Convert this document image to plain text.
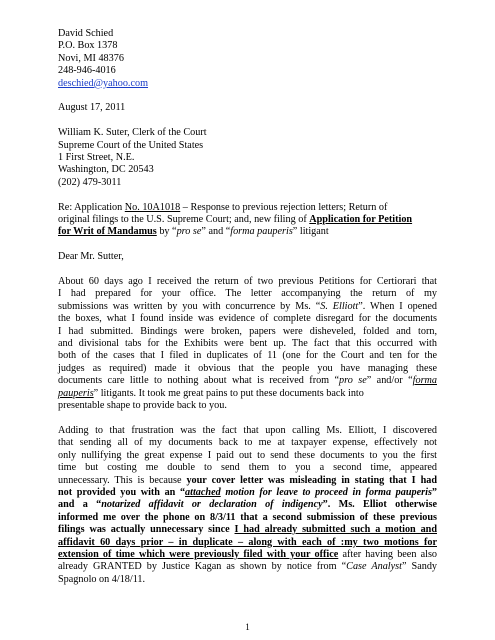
David Schied
P.O. Box 1378
Novi, MI 48376
248-946-4016
deschied@yahoo.com
August 17, 2011
William K. Suter, Clerk of the Court
Supreme Court of the United States
1 First Street, N.E.
Washington, DC 20543
(202) 479-3011
Re: Application No. 10A1018 – Response to previous rejection letters; Return of
original filings to the U.S. Supreme Court; and, new filing of Application for Petition
for Writ of Mandamus by “pro se” and “forma pauperis” litigant
Dear Mr. Sutter,
About 60 days ago I received the return of two previous Petitions for Certiorari that
I had prepared for your office. The letter accompanying the return of my
submissions was written by you with concurrence by Ms. “S. Elliott”. When I opened
the boxes, what I found inside was evidence of complete disregard for the documents
I had submitted. Bindings were broken, papers were disheveled, folded and torn,
and divisional tabs for the Exhibits were bent up. The fact that this occurred with
both of the cases that I filed in duplicates of 11 (one for the Court and ten for the
judges as required) made it obvious that the people you have managing these
documents care little to nothing about what is received from “pro se” and/or “forma
pauperis” litigants. It took me great pains to put these documents back into
presentable shape to provide back to you.
Adding to that frustration was the fact that upon calling Ms. Elliott, I discovered
that sending all of my documents back to me at taxpayer expense, effectively not
only nullifying the great expense I paid out to send these documents to you the first
time but costing me double to send them to you a second time, appeared
unnecessary. This is because your cover letter was misleading in stating that I had
not provided you with an “attached motion for leave to proceed in forma pauperis”
and a “notarized affidavit or declaration of indigency”. Ms. Elliot otherwise
informed me over the phone on 8/3/11 that a second submission of these previous
filings was actually unnecessary since I had already submitted such a motion and
affidavit 60 days prior – in duplicate – along with each of :my two motions for
extension of time which were previously filed with your office after having been also
already GRANTED by Justice Kagan as shown by notice from “Case Analyst” Sandy
Spagnolo on 4/18/11.
1
